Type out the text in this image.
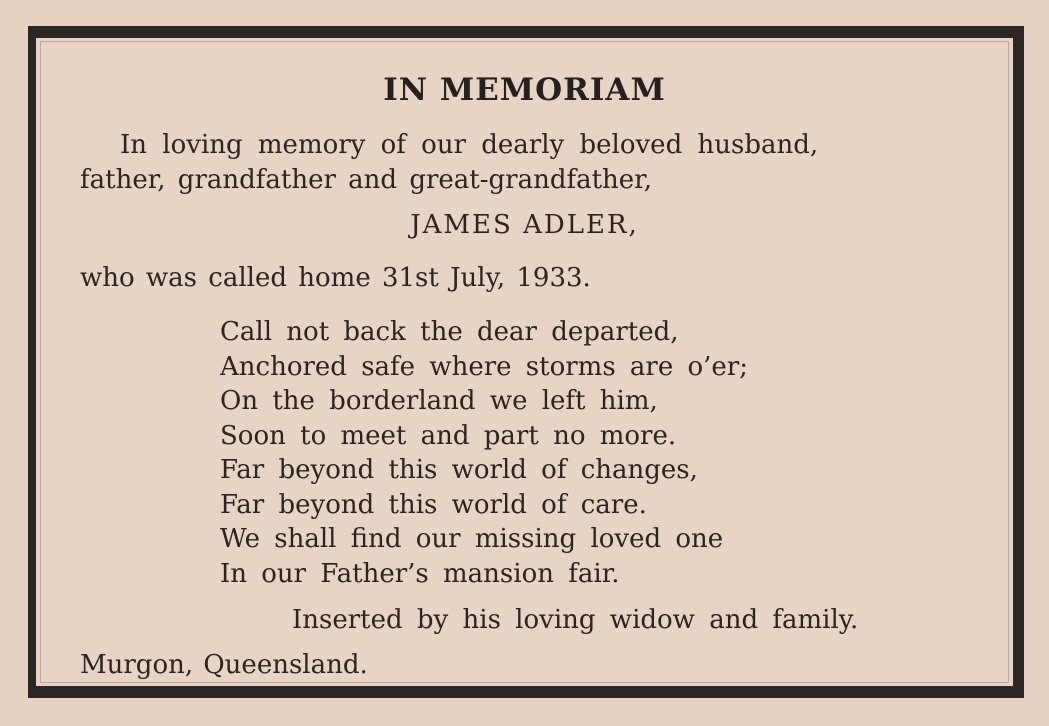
IN MEMORIAM
In loving memory of our dearly beloved husband,
father, grandfather and great-grandfather,
JAMES ADLER,
who was called home 31st July, 1933.
Call not back the dear departed,
Anchored safe where storms are o’er;
On the borderland we left him,
Soon to meet and part no more.
Far beyond this world of changes,
Far beyond this world of care.
We shall find our missing loved one
In our Father’s mansion fair.
Inserted by his loving widow and family.
Murgon, Queensland.
